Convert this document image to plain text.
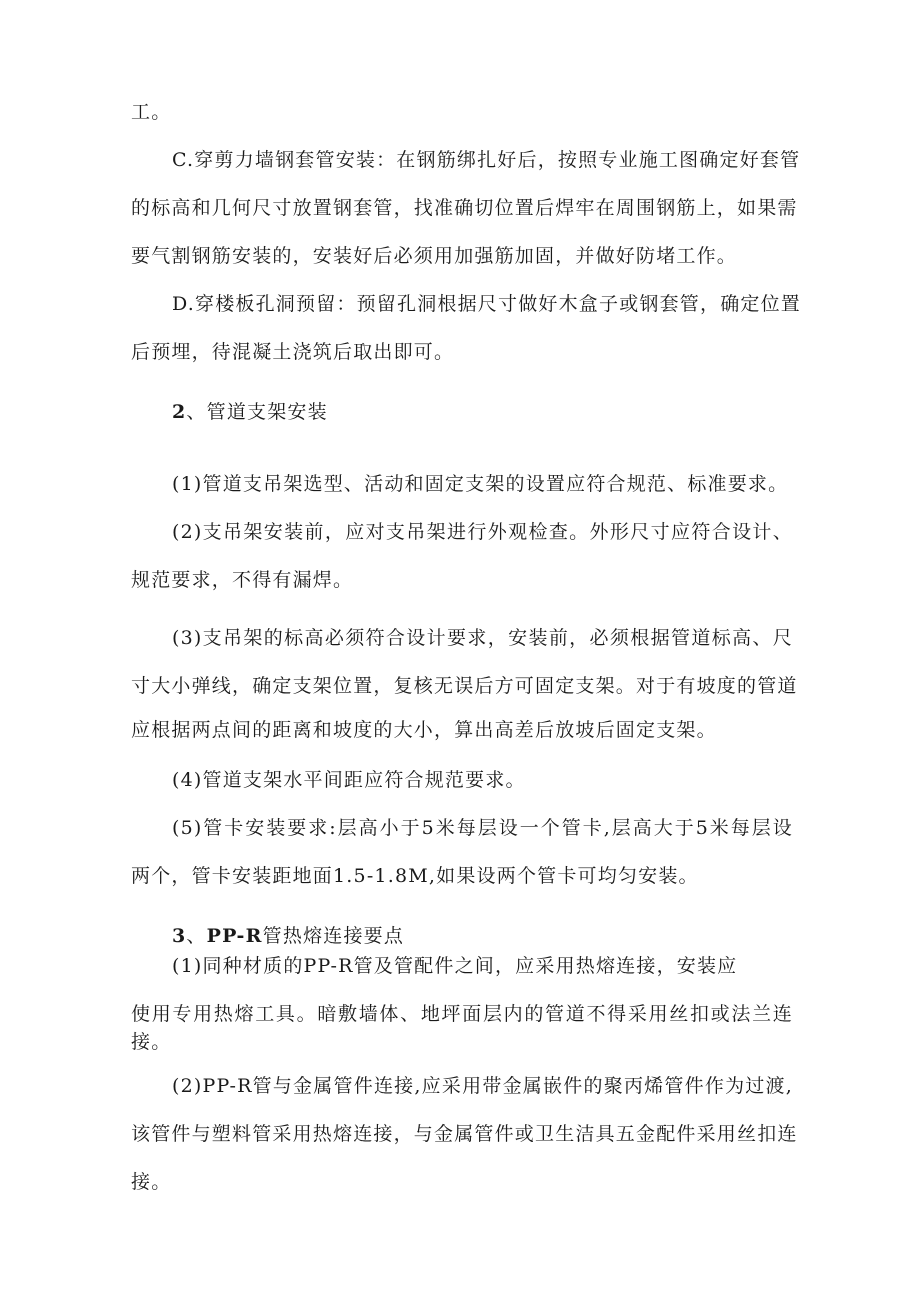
工。
C.穿剪力墙钢套管安装：在钢筋绑扎好后，按照专业施工图确定好套管
的标高和几何尺寸放置钢套管，找准确切位置后焊牢在周围钢筋上，如果需
要气割钢筋安装的，安装好后必须用加强筋加固，并做好防堵工作。
D.穿楼板孔洞预留：预留孔洞根据尺寸做好木盒子或钢套管，确定位置
后预埋，待混凝土浇筑后取出即可。
2、管道支架安装
(1)管道支吊架选型、活动和固定支架的设置应符合规范、标准要求。
(2)支吊架安装前，应对支吊架进行外观检查。外形尺寸应符合设计、
规范要求，不得有漏焊。
(3)支吊架的标高必须符合设计要求，安装前，必须根据管道标高、尺
寸大小弹线，确定支架位置，复核无误后方可固定支架。对于有坡度的管道
应根据两点间的距离和坡度的大小，算出高差后放坡后固定支架。
(4)管道支架水平间距应符合规范要求。
(5)管卡安装要求:层高小于5米每层设一个管卡,层高大于5米每层设
两个，管卡安装距地面1.5-1.8M,如果设两个管卡可均匀安装。
3、PP-R管热熔连接要点
(1)同种材质的PP-R管及管配件之间，应采用热熔连接，安装应
使用专用热熔工具。暗敷墙体、地坪面层内的管道不得采用丝扣或法兰连
接。
(2)PP-R管与金属管件连接,应采用带金属嵌件的聚丙烯管件作为过渡,
该管件与塑料管采用热熔连接，与金属管件或卫生洁具五金配件采用丝扣连
接。
